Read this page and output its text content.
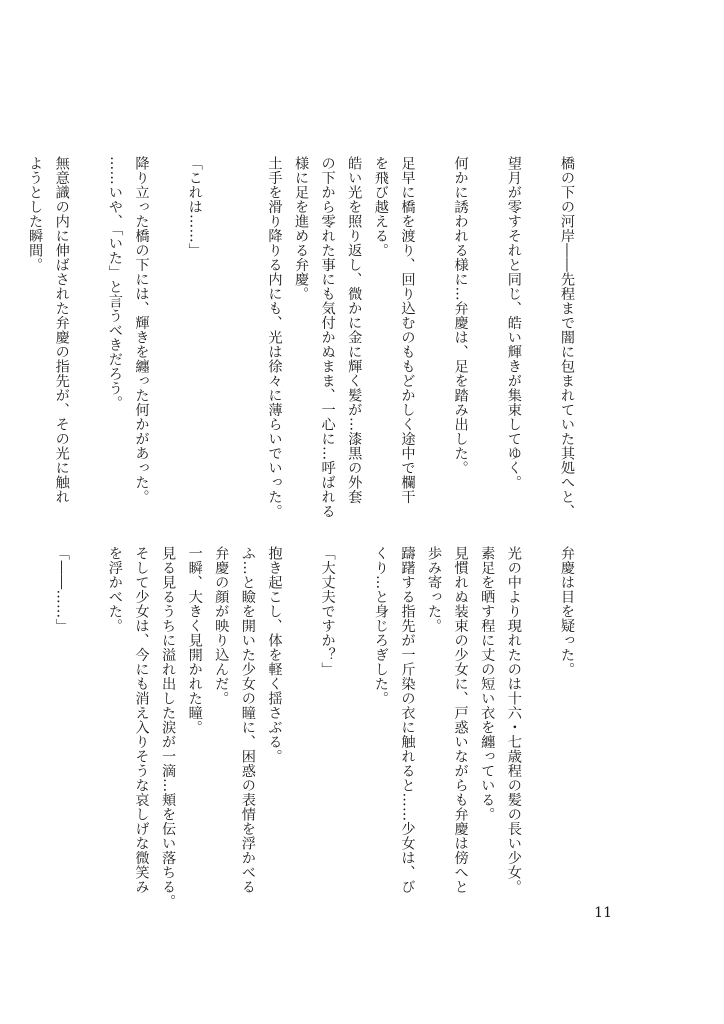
橋の下の河岸――先程まで闇に包まれていた其処へと、

望月が零すそれと同じ、皓い輝きが集束してゆく。

何かに誘われる様に…弁慶は、足を踏み出した。

足早に橋を渡り、回り込むのももどかしく途中で欄干
を飛び越える。
皓い光を照り返し、微かに金に輝く髪が…漆黒の外套
の下から零れた事にも気付かぬまま、一心に…呼ばれる
様に足を進める弁慶。
土手を滑り降りる内にも、光は徐々に薄らいでいった。

「これは……」

降り立った橋の下には、輝きを纏った何かがあった。
……いや、「いた」と言うべきだろう。

無意識の内に伸ばされた弁慶の指先が、その光に触れ
ようとした瞬間。

弁慶は目を疑った。

光の中より現れたのは十六・七歳程の髪の長い少女。
素足を晒す程に丈の短い衣を纏っている。
見慣れぬ装束の少女に、戸惑いながらも弁慶は傍へと
歩み寄った。
躊躇する指先が一斤染の衣に触れると……少女は、び
くり…と身じろぎした。

「大丈夫ですか？」

抱き起こし、体を軽く揺さぶる。
ふ…と瞼を開いた少女の瞳に、困惑の表情を浮かべる
弁慶の顔が映り込んだ。
一瞬、大きく見開かれた瞳。
見る見るうちに溢れ出した涙が一滴…頬を伝い落ちる。
そして少女は、今にも消え入りそうな哀しげな微笑み
を浮かべた。

「――……」

11
